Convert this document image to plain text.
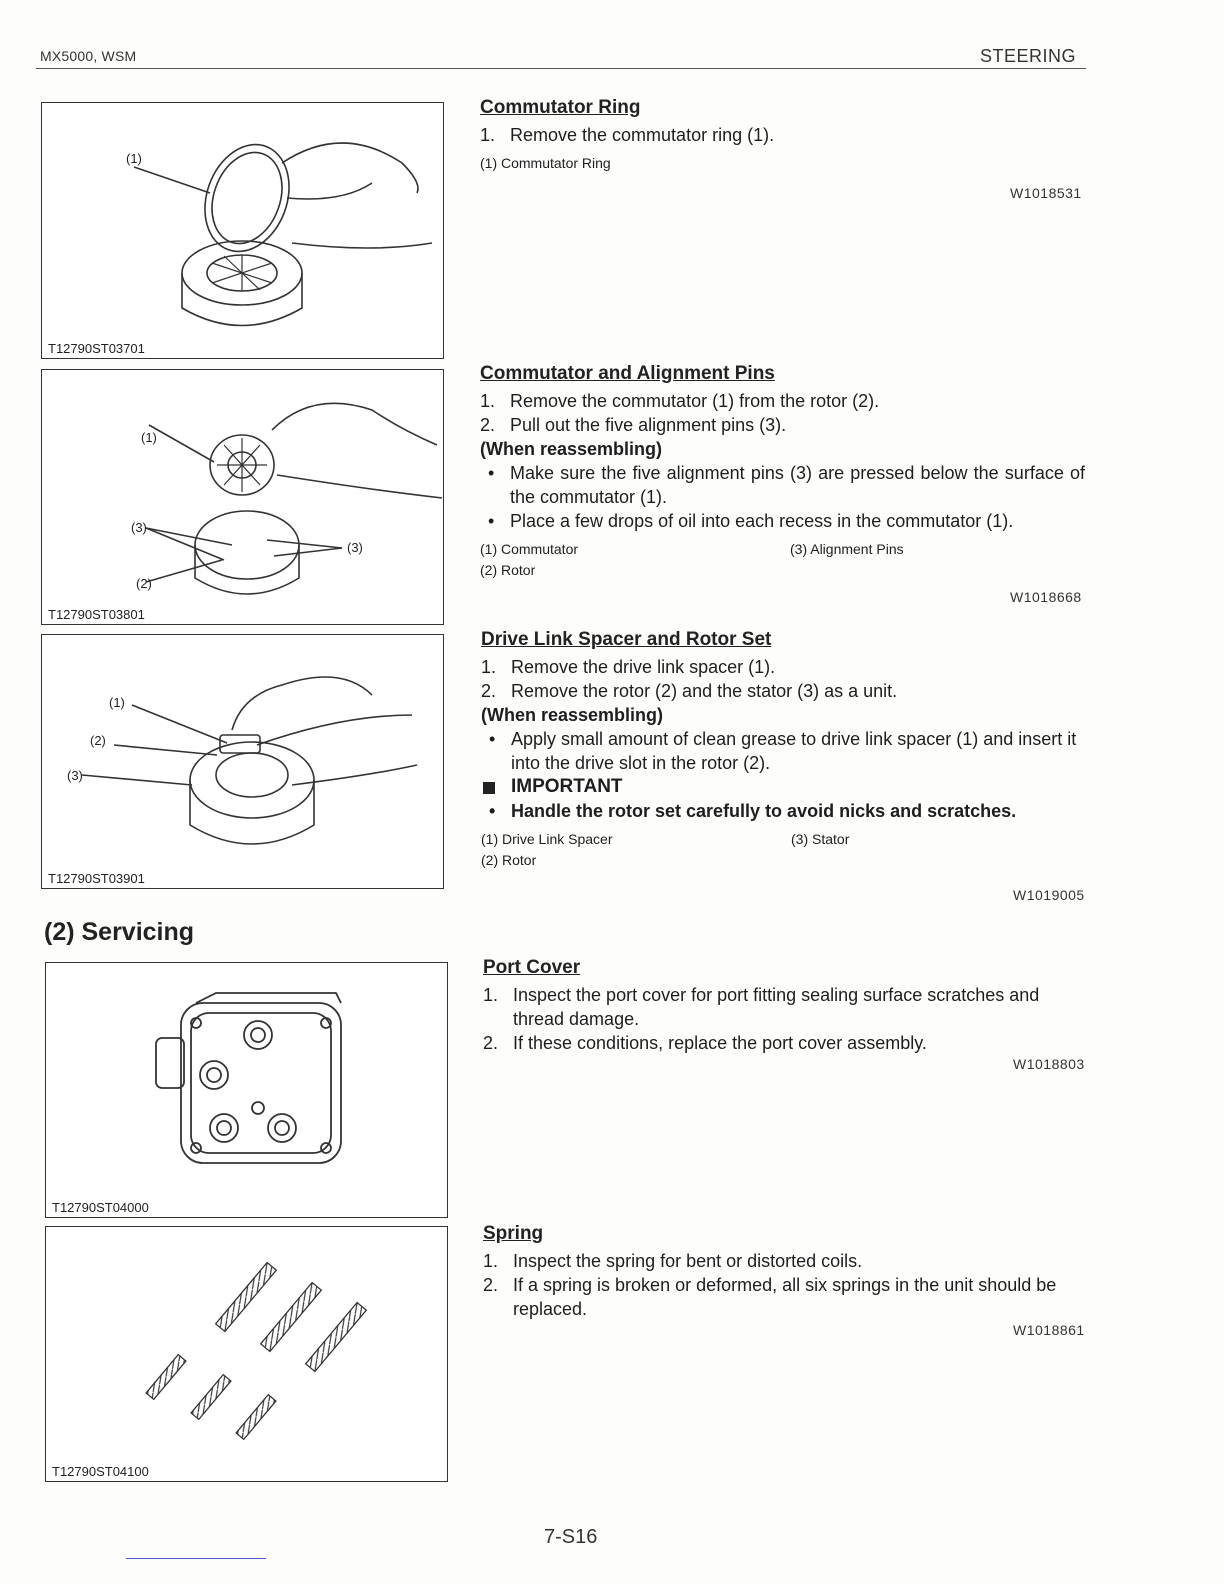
MX5000, WSM	STEERING
(1)
T12790ST03701
(1)
(3)
(3)
(2)
T12790ST03801
(1)
(2)
(3)
T12790ST03901
(2) Servicing
T12790ST04000
T12790ST04100
Commutator Ring
1. Remove the commutator ring (1).
(1) Commutator Ring
W1018531
Commutator and Alignment Pins
1. Remove the commutator (1) from the rotor (2).
2. Pull out the five alignment pins (3).
(When reassembling)
• Make sure the five alignment pins (3) are pressed below the surface of the commutator (1).
• Place a few drops of oil into each recess in the commutator (1).
(1) Commutator
(2) Rotor
(3) Alignment Pins
W1018668
Drive Link Spacer and Rotor Set
1. Remove the drive link spacer (1).
2. Remove the rotor (2) and the stator (3) as a unit.
(When reassembling)
• Apply small amount of clean grease to drive link spacer (1) and insert it into the drive slot in the rotor (2).
IMPORTANT
• Handle the rotor set carefully to avoid nicks and scratches.
(1) Drive Link Spacer
(2) Rotor
(3) Stator
W1019005
Port Cover
1. Inspect the port cover for port fitting sealing surface scratches and thread damage.
2. If these conditions, replace the port cover assembly.
W1018803
Spring
1. Inspect the spring for bent or distorted coils.
2. If a spring is broken or deformed, all six springs in the unit should be replaced.
W1018861
7-S16
